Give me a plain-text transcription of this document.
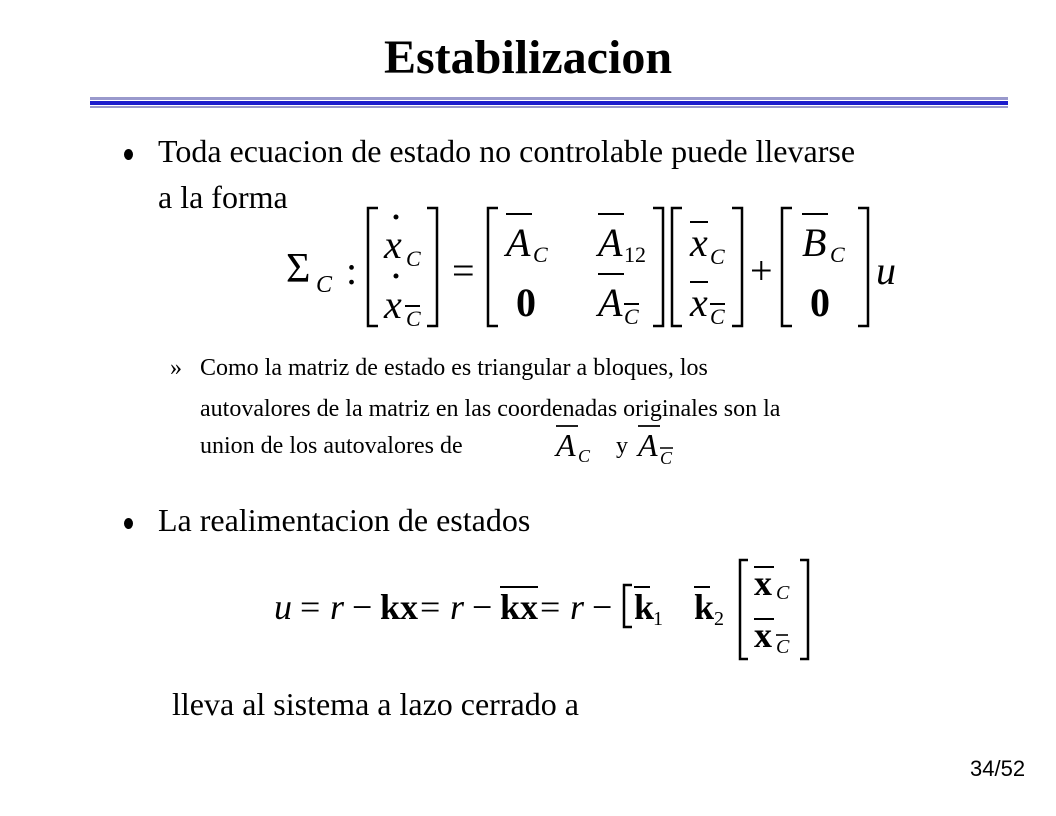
Estabilizacion
Toda ecuacion de estado no controlable puede llevarse
a la forma
Σ C :
x C
x C
=
A C
0
A 12
A C
x C
x C
+
B C
0
u
» Como la matriz de estado es triangular a bloques, los
autovalores de la matriz en las coordenadas originales son la
union de los autovalores de	A C y A C
La realimentacion de estados
u = r − kx = r − kx = r − k
1 k 2
x C
x C
lleva al sistema a lazo cerrado a
34/52
